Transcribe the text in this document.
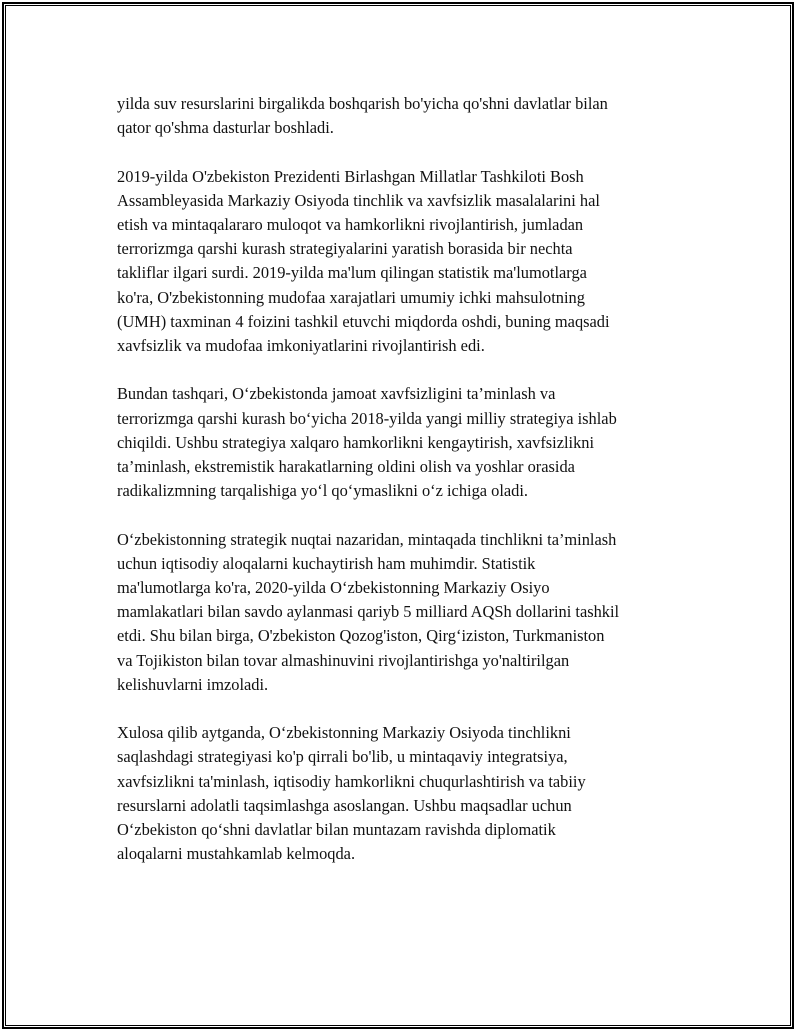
yilda suv resurslarini birgalikda boshqarish bo'yicha qo'shni davlatlar bilan
qator qo'shma dasturlar boshladi.

2019-yilda O'zbekiston Prezidenti Birlashgan Millatlar Tashkiloti Bosh
Assambleyasida Markaziy Osiyoda tinchlik va xavfsizlik masalalarini hal
etish va mintaqalararo muloqot va hamkorlikni rivojlantirish, jumladan
terrorizmga qarshi kurash strategiyalarini yaratish borasida bir nechta
takliflar ilgari surdi. 2019-yilda ma'lum qilingan statistik ma'lumotlarga
ko'ra, O'zbekistonning mudofaa xarajatlari umumiy ichki mahsulotning
(UMH) taxminan 4 foizini tashkil etuvchi miqdorda oshdi, buning maqsadi
xavfsizlik va mudofaa imkoniyatlarini rivojlantirish edi.

Bundan tashqari, O‘zbekistonda jamoat xavfsizligini ta’minlash va
terrorizmga qarshi kurash bo‘yicha 2018-yilda yangi milliy strategiya ishlab
chiqildi. Ushbu strategiya xalqaro hamkorlikni kengaytirish, xavfsizlikni
ta’minlash, ekstremistik harakatlarning oldini olish va yoshlar orasida
radikalizmning tarqalishiga yo‘l qo‘ymaslikni o‘z ichiga oladi.

O‘zbekistonning strategik nuqtai nazaridan, mintaqada tinchlikni ta’minlash
uchun iqtisodiy aloqalarni kuchaytirish ham muhimdir. Statistik
ma'lumotlarga ko'ra, 2020-yilda O‘zbekistonning Markaziy Osiyo
mamlakatlari bilan savdo aylanmasi qariyb 5 milliard AQSh dollarini tashkil
etdi. Shu bilan birga, O'zbekiston Qozog'iston, Qirg‘iziston, Turkmaniston
va Tojikiston bilan tovar almashinuvini rivojlantirishga yo'naltirilgan
kelishuvlarni imzoladi.

Xulosa qilib aytganda, O‘zbekistonning Markaziy Osiyoda tinchlikni
saqlashdagi strategiyasi ko'p qirrali bo'lib, u mintaqaviy integratsiya,
xavfsizlikni ta'minlash, iqtisodiy hamkorlikni chuqurlashtirish va tabiiy
resurslarni adolatli taqsimlashga asoslangan. Ushbu maqsadlar uchun
O‘zbekiston qo‘shni davlatlar bilan muntazam ravishda diplomatik
aloqalarni mustahkamlab kelmoqda.
